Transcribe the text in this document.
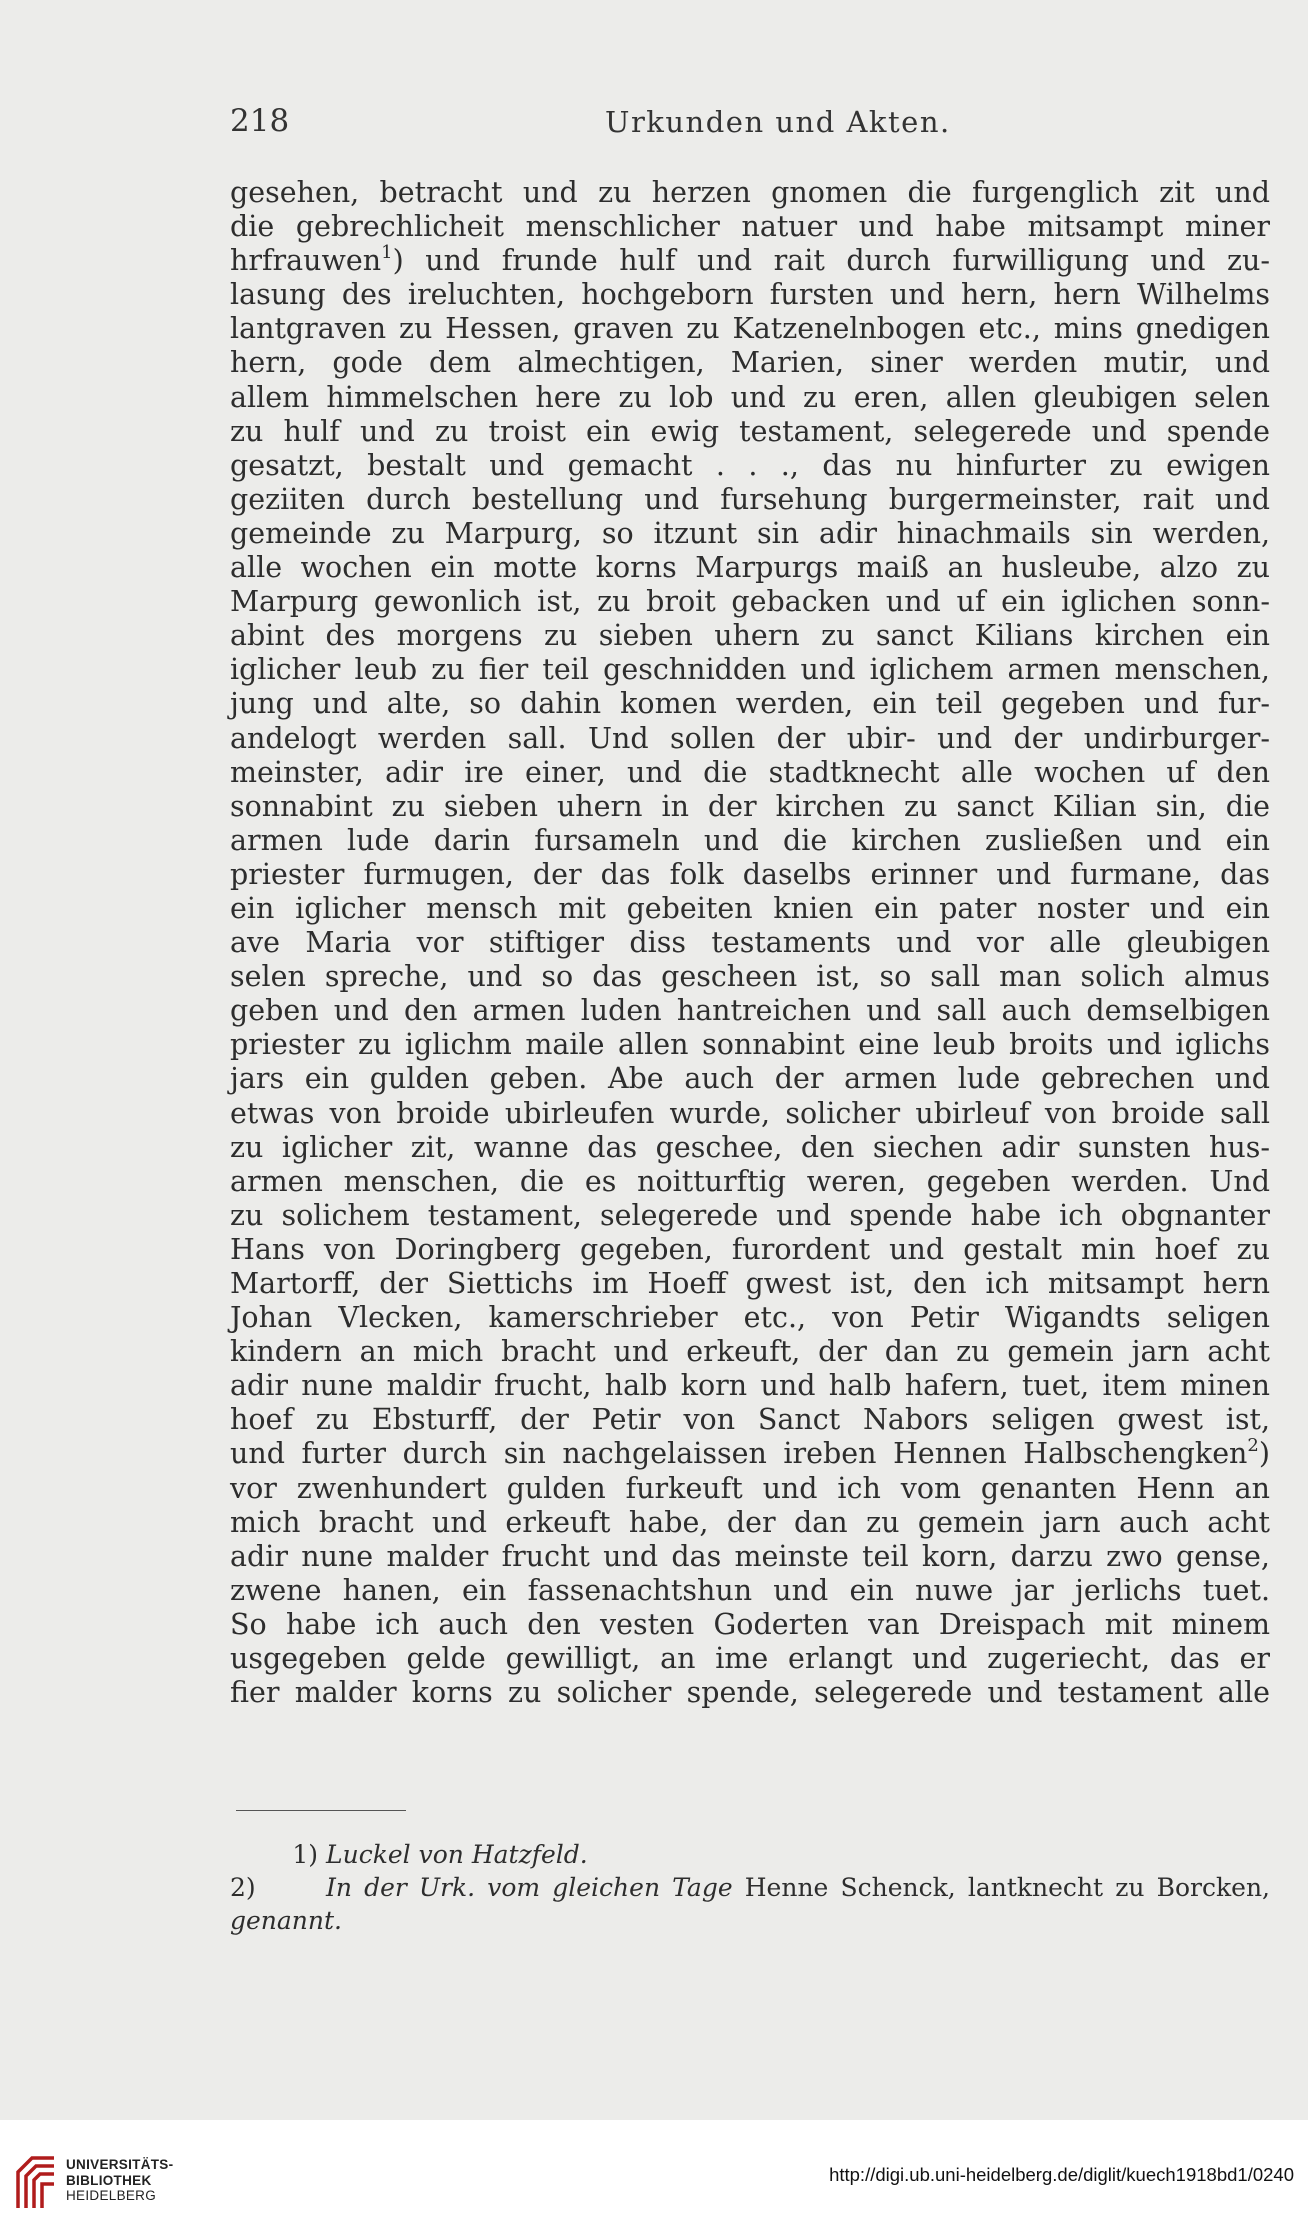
218	Urkunden und Akten.
gesehen, betracht und zu herzen gnomen die furgenglich zit und
die gebrechlicheit menschlicher natuer und habe mitsampt miner
hrfrauwen$^1$) und frunde hulf und rait durch furwilligung und zu-
lasung des ireluchten, hochgeborn fursten und hern, hern Wilhelms
lantgraven zu Hessen, graven zu Katzenelnbogen etc., mins gnedigen
hern, gode dem almechtigen, Marien, siner werden mutir, und
allem himmelschen here zu lob und zu eren, allen gleubigen selen
zu hulf und zu troist ein ewig testament, selegerede und spende
gesatzt, bestalt und gemacht . . ., das nu hinfurter zu ewigen
geziiten durch bestellung und fursehung burgermeinster, rait und
gemeinde zu Marpurg, so itzunt sin adir hinachmails sin werden,
alle wochen ein motte korns Marpurgs maiß an husleube, alzo zu
Marpurg gewonlich ist, zu broit gebacken und uf ein iglichen sonn-
abint des morgens zu sieben uhern zu sanct Kilians kirchen ein
iglicher leub zu fier teil geschnidden und iglichem armen menschen,
jung und alte, so dahin komen werden, ein teil gegeben und fur-
andelogt werden sall. Und sollen der ubir- und der undirburger-
meinster, adir ire einer, und die stadtknecht alle wochen uf den
sonnabint zu sieben uhern in der kirchen zu sanct Kilian sin, die
armen lude darin fursameln und die kirchen zusließen und ein
priester furmugen, der das folk daselbs erinner und furmane, das
ein iglicher mensch mit gebeiten knien ein pater noster und ein
ave Maria vor stiftiger diss testaments und vor alle gleubigen
selen spreche, und so das gescheen ist, so sall man solich almus
geben und den armen luden hantreichen und sall auch demselbigen
priester zu iglichm maile allen sonnabint eine leub broits und iglichs
jars ein gulden geben. Abe auch der armen lude gebrechen und
etwas von broide ubirleufen wurde, solicher ubirleuf von broide sall
zu iglicher zit, wanne das geschee, den siechen adir sunsten hus-
armen menschen, die es noitturftig weren, gegeben werden. Und
zu solichem testament, selegerede und spende habe ich obgnanter
Hans von Doringberg gegeben, furordent und gestalt min hoef zu
Martorff, der Siettichs im Hoeff gwest ist, den ich mitsampt hern
Johan Vlecken, kamerschrieber etc., von Petir Wigandts seligen
kindern an mich bracht und erkeuft, der dan zu gemein jarn acht
adir nune maldir frucht, halb korn und halb hafern, tuet, item minen
hoef zu Ebsturff, der Petir von Sanct Nabors seligen gwest ist,
und furter durch sin nachgelaissen ireben Hennen Halbschengken$^2$)
vor zwenhundert gulden furkeuft und ich vom genanten Henn an
mich bracht und erkeuft habe, der dan zu gemein jarn auch acht
adir nune malder frucht und das meinste teil korn, darzu zwo gense,
zwene hanen, ein fassenachtshun und ein nuwe jar jerlichs tuet.
So habe ich auch den vesten Goderten van Dreispach mit minem
usgegeben gelde gewilligt, an ime erlangt und zugeriecht, das er
fier malder korns zu solicher spende, selegerede und testament alle
1) Luckel von Hatzfeld.
2)	In der Urk. vom gleichen Tage Henne Schenck, lantknecht zu Borcken,
genannt.
UNIVERSITÄTS-
BIBLIOTHEK
HEIDELBERG
http://digi.ub.uni-heidelberg.de/diglit/kuech1918bd1/0240
